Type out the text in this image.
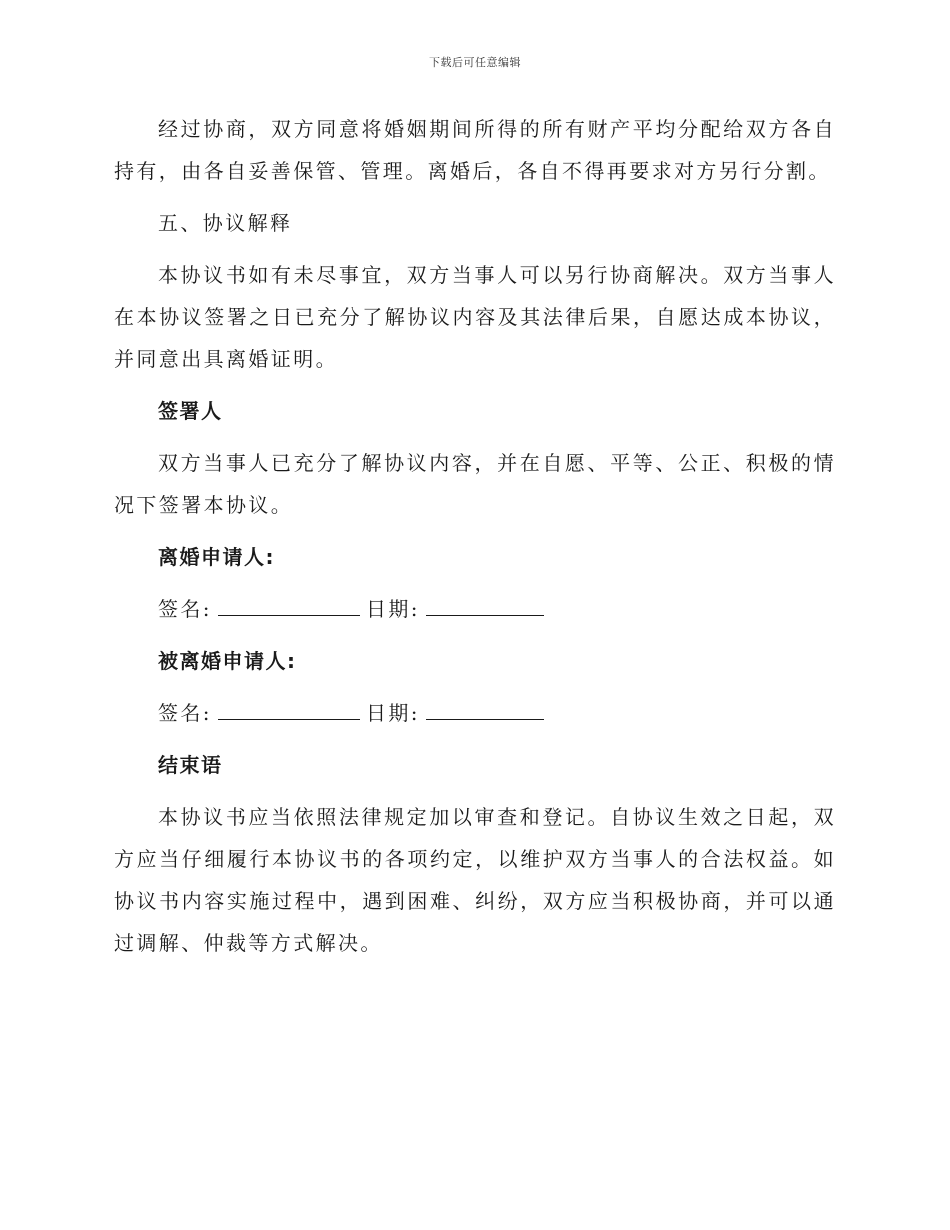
下载后可任意编辑

经过协商，双方同意将婚姻期间所得的所有财产平均分配给双方各自持有，由各自妥善保管、管理。离婚后，各自不得再要求对方另行分割。

五、协议解释

本协议书如有未尽事宜，双方当事人可以另行协商解决。双方当事人在本协议签署之日已充分了解协议内容及其法律后果，自愿达成本协议，并同意出具离婚证明。

签署人

双方当事人已充分了解协议内容，并在自愿、平等、公正、积极的情况下签署本协议。

离婚申请人:

签名:	日期:

被离婚申请人:

签名:	日期:

结束语

本协议书应当依照法律规定加以审查和登记。自协议生效之日起，双方应当仔细履行本协议书的各项约定，以维护双方当事人的合法权益。如协议书内容实施过程中，遇到困难、纠纷，双方应当积极协商，并可以通过调解、仲裁等方式解决。
